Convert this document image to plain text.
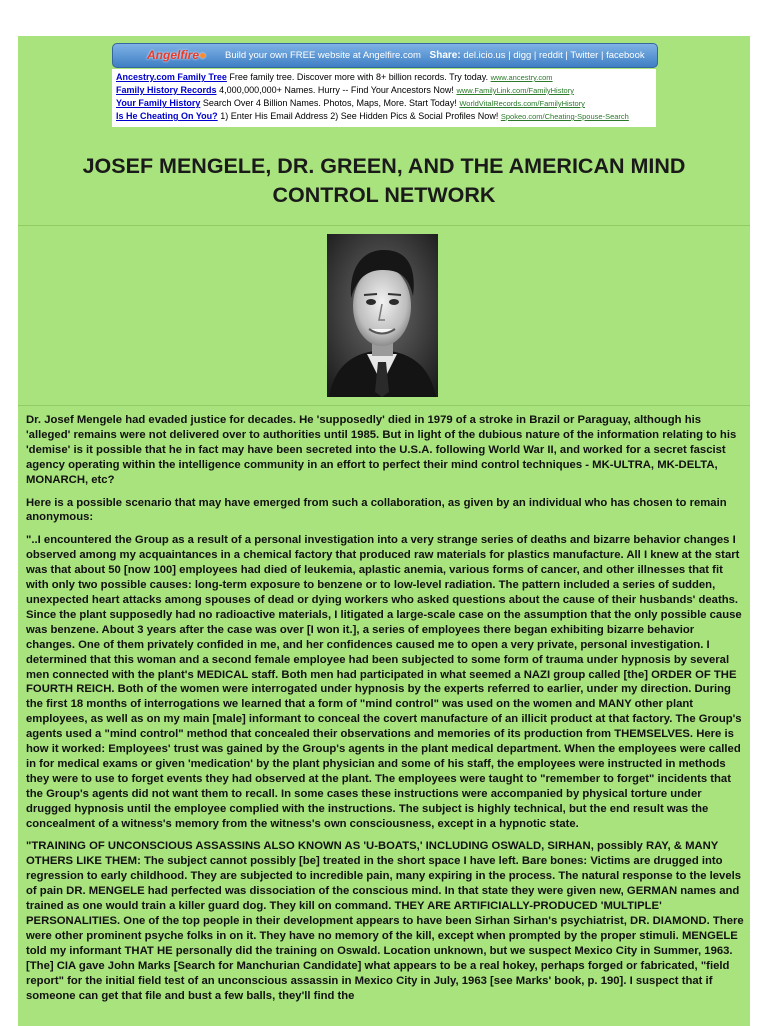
Angelfire● Build your own FREE website at Angelfire.com Share: del.icio.us | digg | reddit | Twitter | facebook
Ancestry.com Family Tree Free family tree. Discover more with 8+ billion records. Try today. www.ancestry.com
Family History Records 4,000,000,000+ Names. Hurry -- Find Your Ancestors Now! www.FamilyLink.com/FamilyHistory
Your Family History Search Over 4 Billion Names. Photos, Maps, More. Start Today! WorldVitalRecords.com/FamilyHistory
Is He Cheating On You? 1) Enter His Email Address 2) See Hidden Pics & Social Profiles Now! Spokeo.com/Cheating-Spouse-Search
JOSEF MENGELE, DR. GREEN, AND THE AMERICAN MIND CONTROL NETWORK

Dr. Josef Mengele had evaded justice for decades. He 'supposedly' died in 1979 of a stroke in Brazil or Paraguay, although his 'alleged' remains were not delivered over to authorities until 1985. But in light of the dubious nature of the information relating to his 'demise' is it possible that he in fact may have been secreted into the U.S.A. following World War II, and worked for a secret fascist agency operating within the intelligence community in an effort to perfect their mind control techniques - MK-ULTRA, MK-DELTA, MONARCH, etc?

Here is a possible scenario that may have emerged from such a collaboration, as given by an individual who has chosen to remain anonymous:

"..I encountered the Group as a result of a personal investigation into a very strange series of deaths and bizarre behavior changes I observed among my acquaintances in a chemical factory that produced raw materials for plastics manufacture. All I knew at the start was that about 50 [now 100] employees had died of leukemia, aplastic anemia, various forms of cancer, and other illnesses that fit with only two possible causes: long-term exposure to benzene or to low-level radiation. The pattern included a series of sudden, unexpected heart attacks among spouses of dead or dying workers who asked questions about the cause of their husbands' deaths. Since the plant supposedly had no radioactive materials, I litigated a large-scale case on the assumption that the only possible cause was benzene. About 3 years after the case was over [I won it.], a series of employees there began exhibiting bizarre behavior changes. One of them privately confided in me, and her confidences caused me to open a very private, personal investigation. I determined that this woman and a second female employee had been subjected to some form of trauma under hypnosis by several men connected with the plant's MEDICAL staff. Both men had participated in what seemed a NAZI group called [the] ORDER OF THE FOURTH REICH. Both of the women were interrogated under hypnosis by the experts referred to earlier, under my direction. During the first 18 months of interrogations we learned that a form of "mind control" was used on the women and MANY other plant employees, as well as on my main [male] informant to conceal the covert manufacture of an illicit product at that factory. The Group's agents used a "mind control" method that concealed their observations and memories of its production from THEMSELVES. Here is how it worked: Employees' trust was gained by the Group's agents in the plant medical department. When the employees were called in for medical exams or given 'medication' by the plant physician and some of his staff, the employees were instructed in methods they were to use to forget events they had observed at the plant. The employees were taught to "remember to forget" incidents that the Group's agents did not want them to recall. In some cases these instructions were accompanied by physical torture under drugged hypnosis until the employee complied with the instructions. The subject is highly technical, but the end result was the concealment of a witness's memory from the witness's own consciousness, except in a hypnotic state.

"TRAINING OF UNCONSCIOUS ASSASSINS ALSO KNOWN AS 'U-BOATS,' INCLUDING OSWALD, SIRHAN, possibly RAY, & MANY OTHERS LIKE THEM: The subject cannot possibly [be] treated in the short space I have left. Bare bones: Victims are drugged into regression to early childhood. They are subjected to incredible pain, many expiring in the process. The natural response to the levels of pain DR. MENGELE had perfected was dissociation of the conscious mind. In that state they were given new, GERMAN names and trained as one would train a killer guard dog. They kill on command. THEY ARE ARTIFICIALLY-PRODUCED 'MULTIPLE' PERSONALITIES. One of the top people in their development appears to have been Sirhan Sirhan's psychiatrist, DR. DIAMOND. There were other prominent psyche folks in on it. They have no memory of the kill, except when prompted by the proper stimuli. MENGELE told my informant THAT HE personally did the training on Oswald. Location unknown, but we suspect Mexico City in Summer, 1963. [The] CIA gave John Marks [Search for Manchurian Candidate] what appears to be a real hokey, perhaps forged or fabricated, "field report" for the initial field test of an unconscious assassin in Mexico City in July, 1963 [see Marks' book, p. 190]. I suspect that if someone can get that file and bust a few balls, they'll find the
